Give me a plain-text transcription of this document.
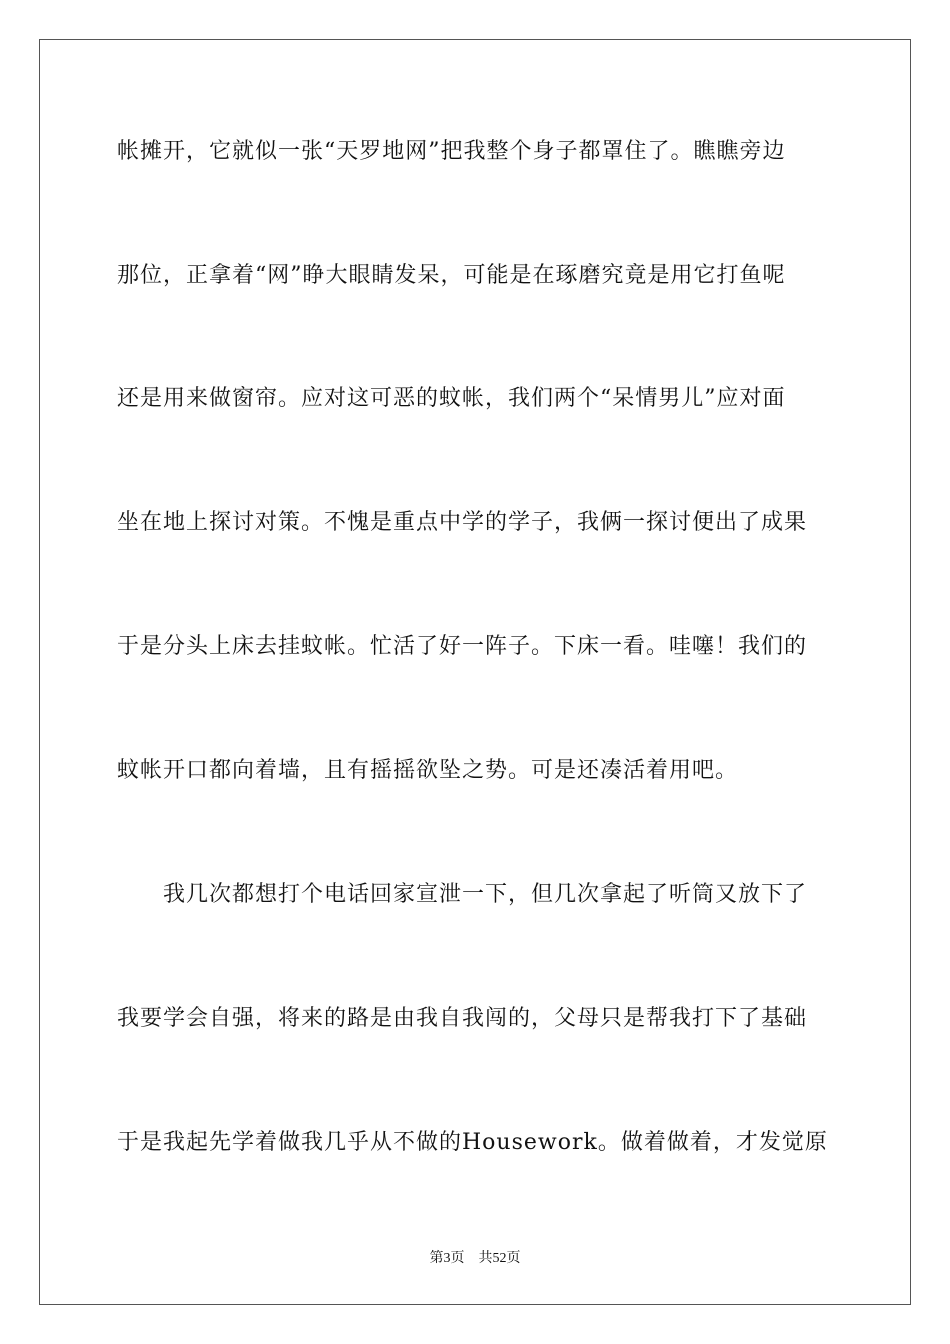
帐摊开，它就似一张“天罗地网”把我整个身子都罩住了。瞧瞧旁边
那位，正拿着“网”睁大眼睛发呆，可能是在琢磨究竟是用它打鱼呢
还是用来做窗帘。应对这可恶的蚊帐，我们两个“呆情男儿”应对面
坐在地上探讨对策。不愧是重点中学的学子，我俩一探讨便出了成果
于是分头上床去挂蚊帐。忙活了好一阵子。下床一看。哇噻！我们的
蚊帐开口都向着墙，且有摇摇欲坠之势。可是还凑活着用吧。
我几次都想打个电话回家宣泄一下，但几次拿起了听筒又放下了
我要学会自强，将来的路是由我自我闯的，父母只是帮我打下了基础
于是我起先学着做我几乎从不做的Housework。做着做着，才发觉原
第3页 共52页
